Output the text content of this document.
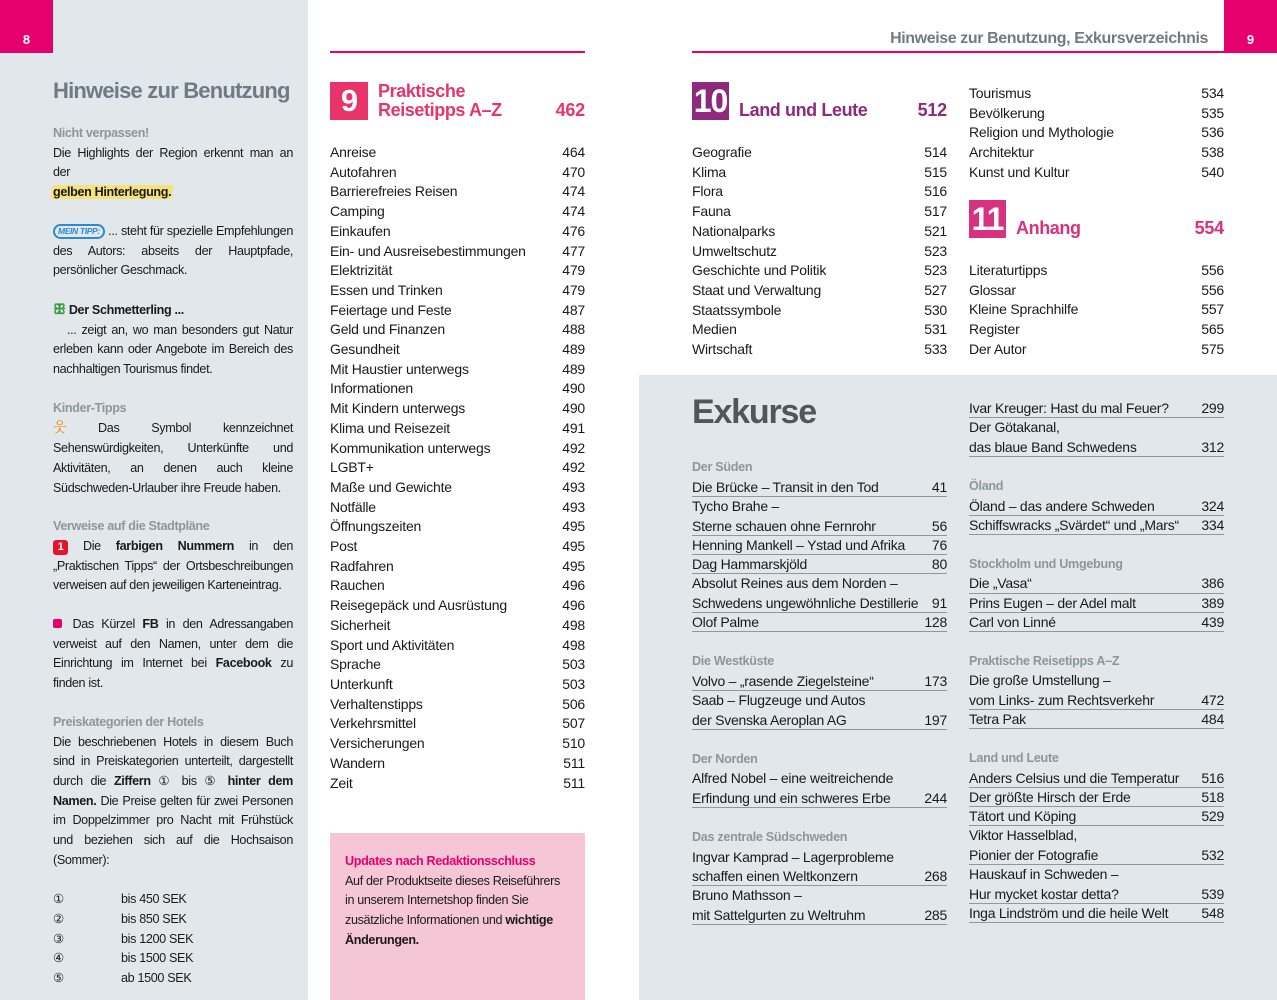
8
Hinweise zur Benutzung
Nicht verpassen!

Die Highlights der Region erkennt man an der
gelben Hinterlegung.

MEIN TIPP: ... steht für spezielle Empfehlungen des Autors: abseits der Hauptpfade, persönlicher Geschmack.

ꕥ Der Schmetterling ...

... zeigt an, wo man besonders gut Natur erleben kann oder Angebote im Bereich des nachhaltigen Tourismus findet.

Kinder-Tipps

웃	Das Symbol kennzeichnet Sehenswürdigkeiten, Unterkünfte und Aktivitäten, an denen auch kleine Südschweden-Urlauber ihre Freude haben.

Verweise auf die Stadtpläne

1 Die farbigen Nummern in den „Praktischen Tipps“ der Ortsbeschreibungen verweisen auf den jeweiligen Karteneintrag.

Das Kürzel FB in den Adressangaben verweist auf den Namen, unter dem die Einrichtung im Internet bei Facebook zu finden ist.

Preiskategorien der Hotels

Die beschriebenen Hotels in diesem Buch sind in Preiskategorien unterteilt, dargestellt durch die Ziffern ① bis ⑤ hinter dem Namen. Die Preise gelten für zwei Personen im Doppelzimmer pro Nacht mit Frühstück und beziehen sich auf die Hochsaison (Sommer):

①	bis 450 SEK
②	bis 850 SEK
③	bis 1200 SEK
④	bis 1500 SEK
⑤	ab 1500 SEK
9	Praktische
Reisetipps A–Z	462
Anreise	464
Autofahren	470
Barrierefreies Reisen	474
Camping	474
Einkaufen	476
Ein- und Ausreisebestimmungen	477
Elektrizität	479
Essen und Trinken	479
Feiertage und Feste	487
Geld und Finanzen	488
Gesundheit	489
Mit Haustier unterwegs	489
Informationen	490
Mit Kindern unterwegs	490
Klima und Reisezeit	491
Kommunikation unterwegs	492
LGBT+	492
Maße und Gewichte	493
Notfälle	493
Öffnungszeiten	495
Post	495
Radfahren	495
Rauchen	496
Reisegepäck und Ausrüstung	496
Sicherheit	498
Sport und Aktivitäten	498
Sprache	503
Unterkunft	503
Verhaltenstipps	506
Verkehrsmittel	507
Versicherungen	510
Wandern	511
Zeit	511
Updates nach Redaktionsschluss

Auf der Produktseite dieses Reiseführers in unserem Internetshop finden Sie zusätzliche Informationen und wichtige Änderungen.

Hinweise zur Benutzung, Exkursverzeichnis	9
10 Land und Leute	512
Geografie	514
Klima	515
Flora	516
Fauna	517
Nationalparks	521
Umweltschutz	523
Geschichte und Politik	523
Staat und Verwaltung	527
Staatssymbole	530
Medien	531
Wirtschaft	533
Tourismus	534
Bevölkerung	535
Religion und Mythologie	536
Architektur	538
Kunst und Kultur	540
11 Anhang	554
Literaturtipps	556
Glossar	556
Kleine Sprachhilfe	557
Register	565
Der Autor	575
Exkurse
Der Süden
Die Brücke – Transit in den Tod	41
Tycho Brahe –
Sterne schauen ohne Fernrohr	56
Henning Mankell – Ystad und Afrika 76
Dag Hammarskjöld	80
Absolut Reines aus dem Norden –
Schwedens ungewöhnliche Destillerie 91
Olof Palme	128
Die Westküste
Volvo – „rasende Ziegelsteine“	173
Saab – Flugzeuge und Autos
der Svenska Aeroplan AG	197
Der Norden
Alfred Nobel – eine weitreichende
Erfindung und ein schweres Erbe 244
Das zentrale Südschweden
Ingvar Kamprad – Lagerprobleme
schaffen einen Weltkonzern	268
Bruno Mathsson –
mit Sattelgurten zu Weltruhm	285
Ivar Kreuger: Hast du mal Feuer? 299
Der Götakanal,
das blaue Band Schwedens	312
Öland
Öland – das andere Schweden	324
Schiffswracks „Svärdet“ und „Mars“ 334
Stockholm und Umgebung
Die „Vasa“	386
Prins Eugen – der Adel malt	389
Carl von Linné	439
Praktische Reisetipps A–Z
Die große Umstellung –
vom Links- zum Rechtsverkehr	472
Tetra Pak	484
Land und Leute
Anders Celsius und die Temperatur 516
Der größte Hirsch der Erde	518
Tätort und Köping	529
Viktor Hasselblad,
Pionier der Fotografie	532
Hauskauf in Schweden –
Hur mycket kostar detta?	539
Inga Lindström und die heile Welt 548
